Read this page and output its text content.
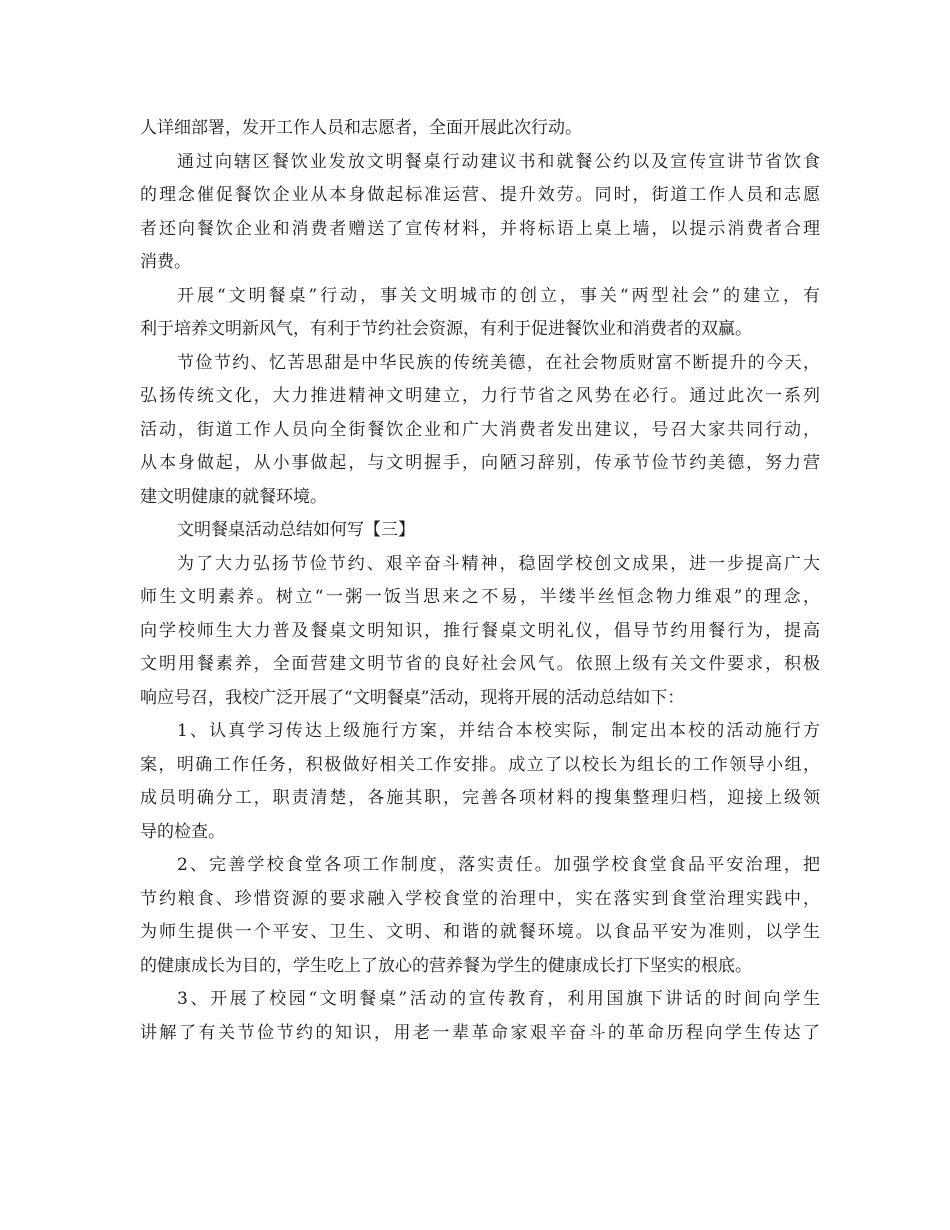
人详细部署，发开工作人员和志愿者，全面开展此次行动。
通过向辖区餐饮业发放文明餐桌行动建议书和就餐公约以及宣传宣讲节省饮食
的理念催促餐饮企业从本身做起标准运营、提升效劳。同时，街道工作人员和志愿
者还向餐饮企业和消费者赠送了宣传材料，并将标语上桌上墙，以提示消费者合理
消费。
开展“文明餐桌”行动，事关文明城市的创立，事关“两型社会”的建立，有
利于培养文明新风气，有利于节约社会资源，有利于促进餐饮业和消费者的双赢。
节俭节约、忆苦思甜是中华民族的传统美德，在社会物质财富不断提升的今天，
弘扬传统文化，大力推进精神文明建立，力行节省之风势在必行。通过此次一系列
活动，街道工作人员向全街餐饮企业和广大消费者发出建议，号召大家共同行动，
从本身做起，从小事做起，与文明握手，向陋习辞别，传承节俭节约美德，努力营
建文明健康的就餐环境。
文明餐桌活动总结如何写【三】
为了大力弘扬节俭节约、艰辛奋斗精神，稳固学校创文成果，进一步提高广大
师生文明素养。树立“一粥一饭当思来之不易，半缕半丝恒念物力维艰”的理念，
向学校师生大力普及餐桌文明知识，推行餐桌文明礼仪，倡导节约用餐行为，提高
文明用餐素养，全面营建文明节省的良好社会风气。依照上级有关文件要求，积极
响应号召，我校广泛开展了“文明餐桌”活动，现将开展的活动总结如下：
1、认真学习传达上级施行方案，并结合本校实际，制定出本校的活动施行方
案，明确工作任务，积极做好相关工作安排。成立了以校长为组长的工作领导小组，
成员明确分工，职责清楚，各施其职，完善各项材料的搜集整理归档，迎接上级领
导的检查。
2、完善学校食堂各项工作制度，落实责任。加强学校食堂食品平安治理，把
节约粮食、珍惜资源的要求融入学校食堂的治理中，实在落实到食堂治理实践中，
为师生提供一个平安、卫生、文明、和谐的就餐环境。以食品平安为准则，以学生
的健康成长为目的，学生吃上了放心的营养餐为学生的健康成长打下坚实的根底。
3、开展了校园“文明餐桌”活动的宣传教育，利用国旗下讲话的时间向学生
讲解了有关节俭节约的知识，用老一辈革命家艰辛奋斗的革命历程向学生传达了
